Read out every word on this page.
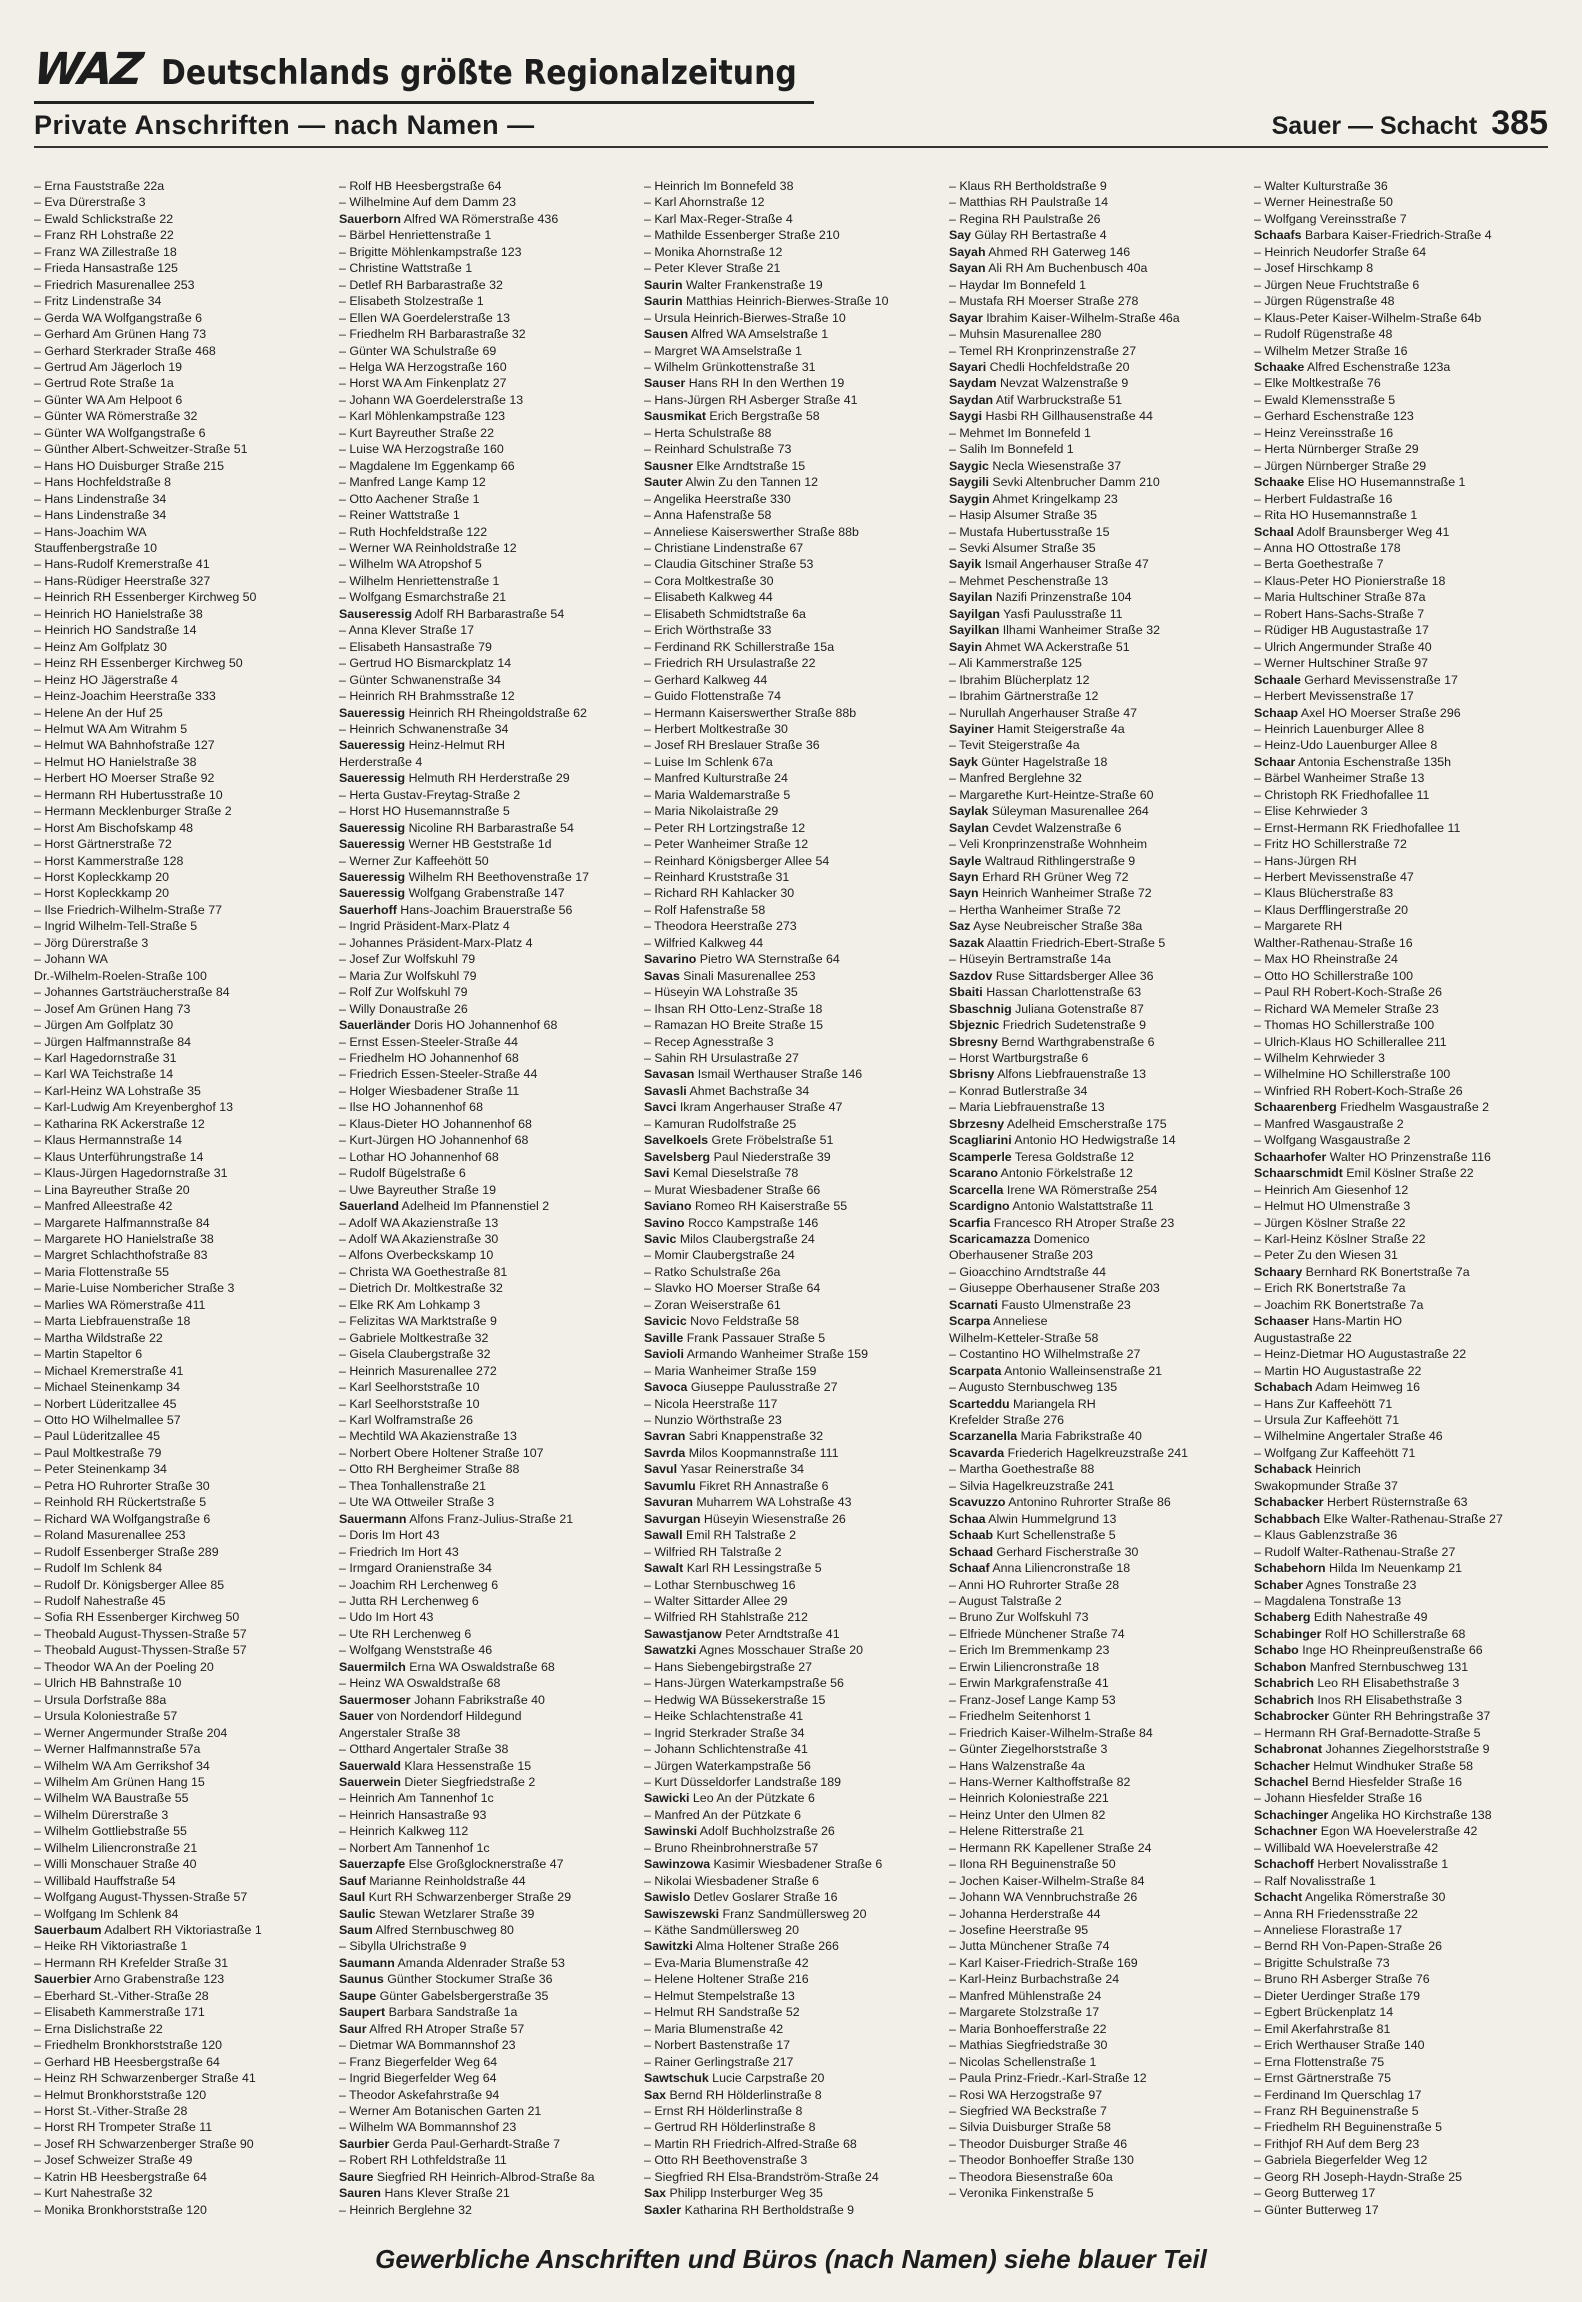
WAZ Deutschlands größte Regionalzeitung
Private Anschriften — nach Namen —	Sauer — Schacht 385
– Erna Fauststraße 22a
– Eva Dürerstraße 3
– Ewald Schlickstraße 22
– Franz RH Lohstraße 22
– Franz WA Zillestraße 18
– Frieda Hansastraße 125
– Friedrich Masurenallee 253
– Fritz Lindenstraße 34
– Gerda WA Wolfgangstraße 6
– Gerhard Am Grünen Hang 73
– Gerhard Sterkrader Straße 468
– Gertrud Am Jägerloch 19
– Gertrud Rote Straße 1a
– Günter WA Am Helpoot 6
– Günter WA Römerstraße 32
– Günter WA Wolfgangstraße 6
– Günther Albert-Schweitzer-Straße 51
– Hans HO Duisburger Straße 215
– Hans Hochfeldstraße 8
– Hans Lindenstraße 34
– Hans Lindenstraße 34
– Hans-Joachim WA
Stauffenbergstraße 10
– Hans-Rudolf Kremerstraße 41
– Hans-Rüdiger Heerstraße 327
– Heinrich RH Essenberger Kirchweg 50
– Heinrich HO Hanielstraße 38
– Heinrich HO Sandstraße 14
– Heinz Am Golfplatz 30
– Heinz RH Essenberger Kirchweg 50
– Heinz HO Jägerstraße 4
– Heinz-Joachim Heerstraße 333
– Helene An der Huf 25
– Helmut WA Am Witrahm 5
– Helmut WA Bahnhofstraße 127
– Helmut HO Hanielstraße 38
– Herbert HO Moerser Straße 92
– Hermann RH Hubertusstraße 10
– Hermann Mecklenburger Straße 2
– Horst Am Bischofskamp 48
– Horst Gärtnerstraße 72
– Horst Kammerstraße 128
– Horst Kopleckkamp 20
– Horst Kopleckkamp 20
– Ilse Friedrich-Wilhelm-Straße 77
– Ingrid Wilhelm-Tell-Straße 5
– Jörg Dürerstraße 3
– Johann WA
Dr.-Wilhelm-Roelen-Straße 100
– Johannes Gartsträucherstraße 84
– Josef Am Grünen Hang 73
– Jürgen Am Golfplatz 30
– Jürgen Halfmannstraße 84
– Karl Hagedornstraße 31
– Karl WA Teichstraße 14
– Karl-Heinz WA Lohstraße 35
– Karl-Ludwig Am Kreyenberghof 13
– Katharina RK Ackerstraße 12
– Klaus Hermannstraße 14
– Klaus Unterführungstraße 14
– Klaus-Jürgen Hagedornstraße 31
– Lina Bayreuther Straße 20
– Manfred Alleestraße 42
– Margarete Halfmannstraße 84
– Margarete HO Hanielstraße 38
– Margret Schlachthofstraße 83
– Maria Flottenstraße 55
– Marie-Luise Nombericher Straße 3
– Marlies WA Römerstraße 411
– Marta Liebfrauenstraße 18
– Martha Wildstraße 22
– Martin Stapeltor 6
– Michael Kremerstraße 41
– Michael Steinenkamp 34
– Norbert Lüderitzallee 45
– Otto HO Wilhelmallee 57
– Paul Lüderitzallee 45
– Paul Moltkestraße 79
– Peter Steinenkamp 34
– Petra HO Ruhrorter Straße 30
– Reinhold RH Rückertstraße 5
– Richard WA Wolfgangstraße 6
– Roland Masurenallee 253
– Rudolf Essenberger Straße 289
– Rudolf Im Schlenk 84
– Rudolf Dr. Königsberger Allee 85
– Rudolf Nahestraße 45
– Sofia RH Essenberger Kirchweg 50
– Theobald August-Thyssen-Straße 57
– Theobald August-Thyssen-Straße 57
– Theodor WA An der Poeling 20
– Ulrich HB Bahnstraße 10
– Ursula Dorfstraße 88a
– Ursula Koloniestraße 57
– Werner Angermunder Straße 204
– Werner Halfmannstraße 57a
– Wilhelm WA Am Gerrikshof 34
– Wilhelm Am Grünen Hang 15
– Wilhelm WA Baustraße 55
– Wilhelm Dürerstraße 3
– Wilhelm Gottliebstraße 55
– Wilhelm Liliencronstraße 21
– Willi Monschauer Straße 40
– Willibald Hauffstraße 54
– Wolfgang August-Thyssen-Straße 57
– Wolfgang Im Schlenk 84
Sauerbaum Adalbert RH Viktoriastraße 1
– Heike RH Viktoriastraße 1
– Hermann RH Krefelder Straße 31
Sauerbier Arno Grabenstraße 123
– Eberhard St.-Vither-Straße 28
– Elisabeth Kammerstraße 171
– Erna Dislichstraße 22
– Friedhelm Bronkhorststraße 120
– Gerhard HB Heesbergstraße 64
– Heinz RH Schwarzenberger Straße 41
– Helmut Bronkhorststraße 120
– Horst St.-Vither-Straße 28
– Horst RH Trompeter Straße 11
– Josef RH Schwarzenberger Straße 90
– Josef Schweizer Straße 49
– Katrin HB Heesbergstraße 64
– Kurt Nahestraße 32
– Monika Bronkhorststraße 120
– Rolf HB Heesbergstraße 64
– Wilhelmine Auf dem Damm 23
Sauerborn Alfred WA Römerstraße 436
– Bärbel Henriettenstraße 1
– Brigitte Möhlenkampstraße 123
– Christine Wattstraße 1
– Detlef RH Barbarastraße 32
– Elisabeth Stolzestraße 1
– Ellen WA Goerdelerstraße 13
– Friedhelm RH Barbarastraße 32
– Günter WA Schulstraße 69
– Helga WA Herzogstraße 160
– Horst WA Am Finkenplatz 27
– Johann WA Goerdelerstraße 13
– Karl Möhlenkampstraße 123
– Kurt Bayreuther Straße 22
– Luise WA Herzogstraße 160
– Magdalene Im Eggenkamp 66
– Manfred Lange Kamp 12
– Otto Aachener Straße 1
– Reiner Wattstraße 1
– Ruth Hochfeldstraße 122
– Werner WA Reinholdstraße 12
– Wilhelm WA Atropshof 5
– Wilhelm Henriettenstraße 1
– Wolfgang Esmarchstraße 21
Sauseressig Adolf RH Barbarastraße 54
– Anna Klever Straße 17
– Elisabeth Hansastraße 79
– Gertrud HO Bismarckplatz 14
– Günter Schwanenstraße 34
– Heinrich RH Brahmsstraße 12
Saueressig Heinrich RH Rheingoldstraße 62
– Heinrich Schwanenstraße 34
Saueressig Heinz-Helmut RH
Herderstraße 4
Saueressig Helmuth RH Herderstraße 29
– Herta Gustav-Freytag-Straße 2
– Horst HO Husemannstraße 5
Saueressig Nicoline RH Barbarastraße 54
Saueressig Werner HB Geststraße 1d
– Werner Zur Kaffeehött 50
Saueressig Wilhelm RH Beethovenstraße 17
Saueressig Wolfgang Grabenstraße 147
Sauerhoff Hans-Joachim Brauerstraße 56
– Ingrid Präsident-Marx-Platz 4
– Johannes Präsident-Marx-Platz 4
– Josef Zur Wolfskuhl 79
– Maria Zur Wolfskuhl 79
– Rolf Zur Wolfskuhl 79
– Willy Donaustraße 26
Sauerländer Doris HO Johannenhof 68
– Ernst Essen-Steeler-Straße 44
– Friedhelm HO Johannenhof 68
– Friedrich Essen-Steeler-Straße 44
– Holger Wiesbadener Straße 11
– Ilse HO Johannenhof 68
– Klaus-Dieter HO Johannenhof 68
– Kurt-Jürgen HO Johannenhof 68
– Lothar HO Johannenhof 68
– Rudolf Bügelstraße 6
– Uwe Bayreuther Straße 19
Sauerland Adelheid Im Pfannenstiel 2
– Adolf WA Akazienstraße 13
– Adolf WA Akazienstraße 30
– Alfons Overbeckskamp 10
– Christa WA Goethestraße 81
– Dietrich Dr. Moltkestraße 32
– Elke RK Am Lohkamp 3
– Felizitas WA Marktstraße 9
– Gabriele Moltkestraße 32
– Gisela Claubergstraße 32
– Heinrich Masurenallee 272
– Karl Seelhorststraße 10
– Karl Seelhorststraße 10
– Karl Wolframstraße 26
– Mechtild WA Akazienstraße 13
– Norbert Obere Holtener Straße 107
– Otto RH Bergheimer Straße 88
– Thea Tonhallenstraße 21
– Ute WA Ottweiler Straße 3
Sauermann Alfons Franz-Julius-Straße 21
– Doris Im Hort 43
– Friedrich Im Hort 43
– Irmgard Oranienstraße 34
– Joachim RH Lerchenweg 6
– Jutta RH Lerchenweg 6
– Udo Im Hort 43
– Ute RH Lerchenweg 6
– Wolfgang Wenststraße 46
Sauermilch Erna WA Oswaldstraße 68
– Heinz WA Oswaldstraße 68
Sauermoser Johann Fabrikstraße 40
Sauer von Nordendorf Hildegund
Angerstaler Straße 38
– Otthard Angertaler Straße 38
Sauerwald Klara Hessenstraße 15
Sauerwein Dieter Siegfriedstraße 2
– Heinrich Am Tannenhof 1c
– Heinrich Hansastraße 93
– Heinrich Kalkweg 112
– Norbert Am Tannenhof 1c
Sauerzapfe Else Großglocknerstraße 47
Sauf Marianne Reinholdstraße 44
Saul Kurt RH Schwarzenberger Straße 29
Saulic Stewan Wetzlarer Straße 39
Saum Alfred Sternbuschweg 80
– Sibylla Ulrichstraße 9
Saumann Amanda Aldenrader Straße 53
Saunus Günther Stockumer Straße 36
Saupe Günter Gabelsbergerstraße 35
Saupert Barbara Sandstraße 1a
Saur Alfred RH Atroper Straße 57
– Dietmar WA Bommannshof 23
– Franz Biegerfelder Weg 64
– Ingrid Biegerfelder Weg 64
– Theodor Askefahrstraße 94
– Werner Am Botanischen Garten 21
– Wilhelm WA Bommannshof 23
Saurbier Gerda Paul-Gerhardt-Straße 7
– Robert RH Lothfeldstraße 11
Saure Siegfried RH Heinrich-Albrod-Straße 8a
Sauren Hans Klever Straße 21
– Heinrich Berglehne 32
– Heinrich Im Bonnefeld 38
– Karl Ahornstraße 12
– Karl Max-Reger-Straße 4
– Mathilde Essenberger Straße 210
– Monika Ahornstraße 12
– Peter Klever Straße 21
Saurin Walter Frankenstraße 19
Saurin Matthias Heinrich-Bierwes-Straße 10
– Ursula Heinrich-Bierwes-Straße 10
Sausen Alfred WA Amselstraße 1
– Margret WA Amselstraße 1
– Wilhelm Grünkottenstraße 31
Sauser Hans RH In den Werthen 19
– Hans-Jürgen RH Asberger Straße 41
Sausmikat Erich Bergstraße 58
– Herta Schulstraße 88
– Reinhard Schulstraße 73
Sausner Elke Arndtstraße 15
Sauter Alwin Zu den Tannen 12
– Angelika Heerstraße 330
– Anna Hafenstraße 58
– Anneliese Kaiserswerther Straße 88b
– Christiane Lindenstraße 67
– Claudia Gitschiner Straße 53
– Cora Moltkestraße 30
– Elisabeth Kalkweg 44
– Elisabeth Schmidtstraße 6a
– Erich Wörthstraße 33
– Ferdinand RK Schillerstraße 15a
– Friedrich RH Ursulastraße 22
– Gerhard Kalkweg 44
– Guido Flottenstraße 74
– Hermann Kaiserswerther Straße 88b
– Herbert Moltkestraße 30
– Josef RH Breslauer Straße 36
– Luise Im Schlenk 67a
– Manfred Kulturstraße 24
– Maria Waldemarstraße 5
– Maria Nikolaistraße 29
– Peter RH Lortzingstraße 12
– Peter Wanheimer Straße 12
– Reinhard Königsberger Allee 54
– Reinhard Kruststraße 31
– Richard RH Kahlacker 30
– Rolf Hafenstraße 58
– Theodora Heerstraße 273
– Wilfried Kalkweg 44
Savarino Pietro WA Sternstraße 64
Savas Sinali Masurenallee 253
– Hüseyin WA Lohstraße 35
– Ihsan RH Otto-Lenz-Straße 18
– Ramazan HO Breite Straße 15
– Recep Agnesstraße 3
– Sahin RH Ursulastraße 27
Savasan Ismail Werthauser Straße 146
Savasli Ahmet Bachstraße 34
Savci Ikram Angerhauser Straße 47
– Kamuran Rudolfstraße 25
Savelkoels Grete Fröbelstraße 51
Savelsberg Paul Niederstraße 39
Savi Kemal Dieselstraße 78
– Murat Wiesbadener Straße 66
Saviano Romeo RH Kaiserstraße 55
Savino Rocco Kampstraße 146
Savic Milos Claubergstraße 24
– Momir Claubergstraße 24
– Ratko Schulstraße 26a
– Slavko HO Moerser Straße 64
– Zoran Weiserstraße 61
Savicic Novo Feldstraße 58
Saville Frank Passauer Straße 5
Savioli Armando Wanheimer Straße 159
– Maria Wanheimer Straße 159
Savoca Giuseppe Paulusstraße 27
– Nicola Heerstraße 117
– Nunzio Wörthstraße 23
Savran Sabri Knappenstraße 32
Savrda Milos Koopmannstraße 111
Savul Yasar Reinerstraße 34
Savumlu Fikret RH Annastraße 6
Savuran Muharrem WA Lohstraße 43
Savurgan Hüseyin Wiesenstraße 26
Sawall Emil RH Talstraße 2
– Wilfried RH Talstraße 2
Sawalt Karl RH Lessingstraße 5
– Lothar Sternbuschweg 16
– Walter Sittarder Allee 29
– Wilfried RH Stahlstraße 212
Sawastjanow Peter Arndtstraße 41
Sawatzki Agnes Mosschauer Straße 20
– Hans Siebengebirgstraße 27
– Hans-Jürgen Waterkampstraße 56
– Hedwig WA Büssekerstraße 15
– Heike Schlachtenstraße 41
– Ingrid Sterkrader Straße 34
– Johann Schlichtenstraße 41
– Jürgen Waterkampstraße 56
– Kurt Düsseldorfer Landstraße 189
Sawicki Leo An der Pützkate 6
– Manfred An der Pützkate 6
Sawinski Adolf Buchholzstraße 26
– Bruno Rheinbrohnerstraße 57
Sawinzowa Kasimir Wiesbadener Straße 6
– Nikolai Wiesbadener Straße 6
Sawislo Detlev Goslarer Straße 16
Sawiszewski Franz Sandmüllersweg 20
– Käthe Sandmüllersweg 20
Sawitzki Alma Holtener Straße 266
– Eva-Maria Blumenstraße 42
– Helene Holtener Straße 216
– Helmut Stempelstraße 13
– Helmut RH Sandstraße 52
– Maria Blumenstraße 42
– Norbert Bastenstraße 17
– Rainer Gerlingstraße 217
Sawtschuk Lucie Carpstraße 20
Sax Bernd RH Hölderlinstraße 8
– Ernst RH Hölderlinstraße 8
– Gertrud RH Hölderlinstraße 8
– Martin RH Friedrich-Alfred-Straße 68
– Otto RH Beethovenstraße 3
– Siegfried RH Elsa-Brandström-Straße 24
Sax Philipp Insterburger Weg 35
Saxler Katharina RH Bertholdstraße 9
– Klaus RH Bertholdstraße 9
– Matthias RH Paulstraße 14
– Regina RH Paulstraße 26
Say Gülay RH Bertastraße 4
Sayah Ahmed RH Gaterweg 146
Sayan Ali RH Am Buchenbusch 40a
– Haydar Im Bonnefeld 1
– Mustafa RH Moerser Straße 278
Sayar Ibrahim Kaiser-Wilhelm-Straße 46a
– Muhsin Masurenallee 280
– Temel RH Kronprinzenstraße 27
Sayari Chedli Hochfeldstraße 20
Saydam Nevzat Walzenstraße 9
Saydan Atif Warbruckstraße 51
Saygi Hasbi RH Gillhausenstraße 44
– Mehmet Im Bonnefeld 1
– Salih Im Bonnefeld 1
Saygic Necla Wiesenstraße 37
Saygili Sevki Altenbrucher Damm 210
Saygin Ahmet Kringelkamp 23
– Hasip Alsumer Straße 35
– Mustafa Hubertusstraße 15
– Sevki Alsumer Straße 35
Sayik Ismail Angerhauser Straße 47
– Mehmet Peschenstraße 13
Sayilan Nazifi Prinzenstraße 104
Sayilgan Yasfi Paulusstraße 11
Sayilkan Ilhami Wanheimer Straße 32
Sayin Ahmet WA Ackerstraße 51
– Ali Kammerstraße 125
– Ibrahim Blücherplatz 12
– Ibrahim Gärtnerstraße 12
– Nurullah Angerhauser Straße 47
Sayiner Hamit Steigerstraße 4a
– Tevit Steigerstraße 4a
Sayk Günter Hagelstraße 18
– Manfred Berglehne 32
– Margarethe Kurt-Heintze-Straße 60
Saylak Süleyman Masurenallee 264
Saylan Cevdet Walzenstraße 6
– Veli Kronprinzenstraße Wohnheim
Sayle Waltraud Rithlingerstraße 9
Sayn Erhard RH Grüner Weg 72
Sayn Heinrich Wanheimer Straße 72
– Hertha Wanheimer Straße 72
Saz Ayse Neubreischer Straße 38a
Sazak Alaattin Friedrich-Ebert-Straße 5
– Hüseyin Bertramstraße 14a
Sazdov Ruse Sittardsberger Allee 36
Sbaiti Hassan Charlottenstraße 63
Sbaschnig Juliana Gotenstraße 87
Sbjeznic Friedrich Sudetenstraße 9
Sbresny Bernd Warthgrabenstraße 6
– Horst Wartburgstraße 6
Sbrisny Alfons Liebfrauenstraße 13
– Konrad Butlerstraße 34
– Maria Liebfrauenstraße 13
Sbrzesny Adelheid Emscherstraße 175
Scagliarini Antonio HO Hedwigstraße 14
Scamperle Teresa Goldstraße 12
Scarano Antonio Förkelstraße 12
Scarcella Irene WA Römerstraße 254
Scardigno Antonio Walstattstraße 11
Scarfia Francesco RH Atroper Straße 23
Scaricamazza Domenico
Oberhausener Straße 203
– Gioacchino Arndtstraße 44
– Giuseppe Oberhausener Straße 203
Scarnati Fausto Ulmenstraße 23
Scarpa Anneliese
Wilhelm-Ketteler-Straße 58
– Costantino HO Wilhelmstraße 27
Scarpata Antonio Walleinsenstraße 21
– Augusto Sternbuschweg 135
Scarteddu Mariangela RH
Krefelder Straße 276
Scarzanella Maria Fabrikstraße 40
Scavarda Friederich Hagelkreuzstraße 241
– Martha Goethestraße 88
– Silvia Hagelkreuzstraße 241
Scavuzzo Antonino Ruhrorter Straße 86
Schaa Alwin Hummelgrund 13
Schaab Kurt Schellenstraße 5
Schaad Gerhard Fischerstraße 30
Schaaf Anna Liliencronstraße 18
– Anni HO Ruhrorter Straße 28
– August Talstraße 2
– Bruno Zur Wolfskuhl 73
– Elfriede Münchener Straße 74
– Erich Im Bremmenkamp 23
– Erwin Liliencronstraße 18
– Erwin Markgrafenstraße 41
– Franz-Josef Lange Kamp 53
– Friedhelm Seitenhorst 1
– Friedrich Kaiser-Wilhelm-Straße 84
– Günter Ziegelhorststraße 3
– Hans Walzenstraße 4a
– Hans-Werner Kalthoffstraße 82
– Heinrich Koloniestraße 221
– Heinz Unter den Ulmen 82
– Helene Ritterstraße 21
– Hermann RK Kapellener Straße 24
– Ilona RH Beguinenstraße 50
– Jochen Kaiser-Wilhelm-Straße 84
– Johann WA Vennbruchstraße 26
– Johanna Herderstraße 44
– Josefine Heerstraße 95
– Jutta Münchener Straße 74
– Karl Kaiser-Friedrich-Straße 169
– Karl-Heinz Burbachstraße 24
– Manfred Mühlenstraße 24
– Margarete Stolzstraße 17
– Maria Bonhoefferstraße 22
– Mathias Siegfriedstraße 30
– Nicolas Schellenstraße 1
– Paula Prinz-Friedr.-Karl-Straße 12
– Rosi WA Herzogstraße 97
– Siegfried WA Beckstraße 7
– Silvia Duisburger Straße 58
– Theodor Duisburger Straße 46
– Theodor Bonhoeffer Straße 130
– Theodora Biesenstraße 60a
– Veronika Finkenstraße 5
– Walter Kulturstraße 36
– Werner Heinestraße 50
– Wolfgang Vereinsstraße 7
Schaafs Barbara Kaiser-Friedrich-Straße 4
– Heinrich Neudorfer Straße 64
– Josef Hirschkamp 8
– Jürgen Neue Fruchtstraße 6
– Jürgen Rügenstraße 48
– Klaus-Peter Kaiser-Wilhelm-Straße 64b
– Rudolf Rügenstraße 48
– Wilhelm Metzer Straße 16
Schaake Alfred Eschenstraße 123a
– Elke Moltkestraße 76
– Ewald Klemensstraße 5
– Gerhard Eschenstraße 123
– Heinz Vereinsstraße 16
– Herta Nürnberger Straße 29
– Jürgen Nürnberger Straße 29
Schaake Elise HO Husemannstraße 1
– Herbert Fuldastraße 16
– Rita HO Husemannstraße 1
Schaal Adolf Braunsberger Weg 41
– Anna HO Ottostraße 178
– Berta Goethestraße 7
– Klaus-Peter HO Pionierstraße 18
– Maria Hultschiner Straße 87a
– Robert Hans-Sachs-Straße 7
– Rüdiger HB Augustastraße 17
– Ulrich Angermunder Straße 40
– Werner Hultschiner Straße 97
Schaale Gerhard Mevissenstraße 17
– Herbert Mevissenstraße 17
Schaap Axel HO Moerser Straße 296
– Heinrich Lauenburger Allee 8
– Heinz-Udo Lauenburger Allee 8
Schaar Antonia Eschenstraße 135h
– Bärbel Wanheimer Straße 13
– Christoph RK Friedhofallee 11
– Elise Kehrwieder 3
– Ernst-Hermann RK Friedhofallee 11
– Fritz HO Schillerstraße 72
– Hans-Jürgen RH
– Herbert Mevissenstraße 47
– Klaus Blücherstraße 83
– Klaus Derfflingerstraße 20
– Margarete RH
Walther-Rathenau-Straße 16
– Max HO Rheinstraße 24
– Otto HO Schillerstraße 100
– Paul RH Robert-Koch-Straße 26
– Richard WA Memeler Straße 23
– Thomas HO Schillerstraße 100
– Ulrich-Klaus HO Schillerallee 211
– Wilhelm Kehrwieder 3
– Wilhelmine HO Schillerstraße 100
– Winfried RH Robert-Koch-Straße 26
Schaarenberg Friedhelm Wasgaustraße 2
– Manfred Wasgaustraße 2
– Wolfgang Wasgaustraße 2
Schaarhofer Walter HO Prinzenstraße 116
Schaarschmidt Emil Köslner Straße 22
– Heinrich Am Giesenhof 12
– Helmut HO Ulmenstraße 3
– Jürgen Köslner Straße 22
– Karl-Heinz Köslner Straße 22
– Peter Zu den Wiesen 31
Schaary Bernhard RK Bonertstraße 7a
– Erich RK Bonertstraße 7a
– Joachim RK Bonertstraße 7a
Schaaser Hans-Martin HO
Augustastraße 22
– Heinz-Dietmar HO Augustastraße 22
– Martin HO Augustastraße 22
Schabach Adam Heimweg 16
– Hans Zur Kaffeehött 71
– Ursula Zur Kaffeehött 71
– Wilhelmine Angertaler Straße 46
– Wolfgang Zur Kaffeehött 71
Schaback Heinrich
Swakopmunder Straße 37
Schabacker Herbert Rüsternstraße 63
Schabbach Elke Walter-Rathenau-Straße 27
– Klaus Gablenzstraße 36
– Rudolf Walter-Rathenau-Straße 27
Schabehorn Hilda Im Neuenkamp 21
Schaber Agnes Tonstraße 23
– Magdalena Tonstraße 13
Schaberg Edith Nahestraße 49
Schabinger Rolf HO Schillerstraße 68
Schabo Inge HO Rheinpreußenstraße 66
Schabon Manfred Sternbuschweg 131
Schabrich Leo RH Elisabethstraße 3
Schabrich Inos RH Elisabethstraße 3
Schabrocker Günter RH Behringstraße 37
– Hermann RH Graf-Bernadotte-Straße 5
Schabronat Johannes Ziegelhorststraße 9
Schacher Helmut Windhuker Straße 58
Schachel Bernd Hiesfelder Straße 16
– Johann Hiesfelder Straße 16
Schachinger Angelika HO Kirchstraße 138
Schachner Egon WA Hoevelerstraße 42
– Willibald WA Hoevelerstraße 42
Schachoff Herbert Novalisstraße 1
– Ralf Novalisstraße 1
Schacht Angelika Römerstraße 30
– Anna RH Friedensstraße 22
– Anneliese Florastraße 17
– Bernd RH Von-Papen-Straße 26
– Brigitte Schulstraße 73
– Bruno RH Asberger Straße 76
– Dieter Uerdinger Straße 179
– Egbert Brückenplatz 14
– Emil Akerfahrstraße 81
– Erich Werthauser Straße 140
– Erna Flottenstraße 75
– Ernst Gärtnerstraße 75
– Ferdinand Im Querschlag 17
– Franz RH Beguinenstraße 5
– Friedhelm RH Beguinenstraße 5
– Frithjof RH Auf dem Berg 23
– Gabriela Biegerfelder Weg 12
– Georg RH Joseph-Haydn-Straße 25
– Georg Butterweg 17
– Günter Butterweg 17
Gewerbliche Anschriften und Büros (nach Namen) siehe blauer Teil
